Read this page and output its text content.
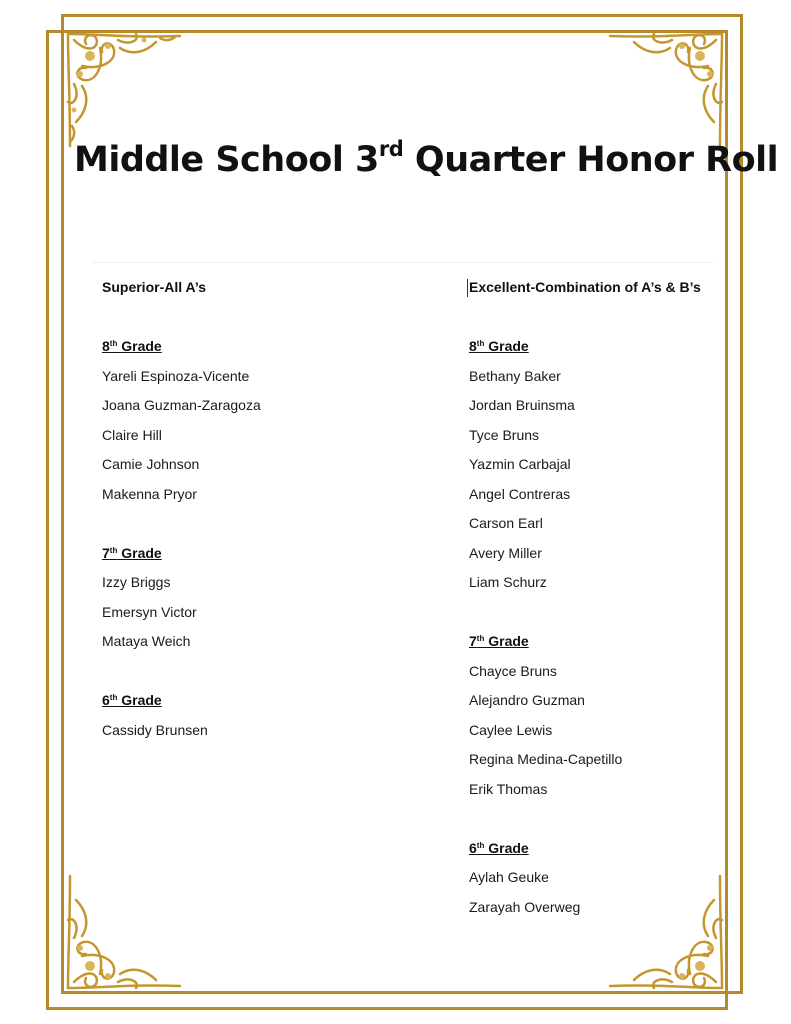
Middle School 3rd Quarter Honor Roll
Superior-All A’s
8th Grade
Yareli Espinoza-Vicente
Joana Guzman-Zaragoza
Claire Hill
Camie Johnson
Makenna Pryor
7th Grade
Izzy Briggs
Emersyn Victor
Mataya Weich
6th Grade
Cassidy Brunsen
Excellent-Combination of A’s & B’s
8th Grade
Bethany Baker
Jordan Bruinsma
Tyce Bruns
Yazmin Carbajal
Angel Contreras
Carson Earl
Avery Miller
Liam Schurz
7th Grade
Chayce Bruns
Alejandro Guzman
Caylee Lewis
Regina Medina-Capetillo
Erik Thomas
6th Grade
Aylah Geuke
Zarayah Overweg
